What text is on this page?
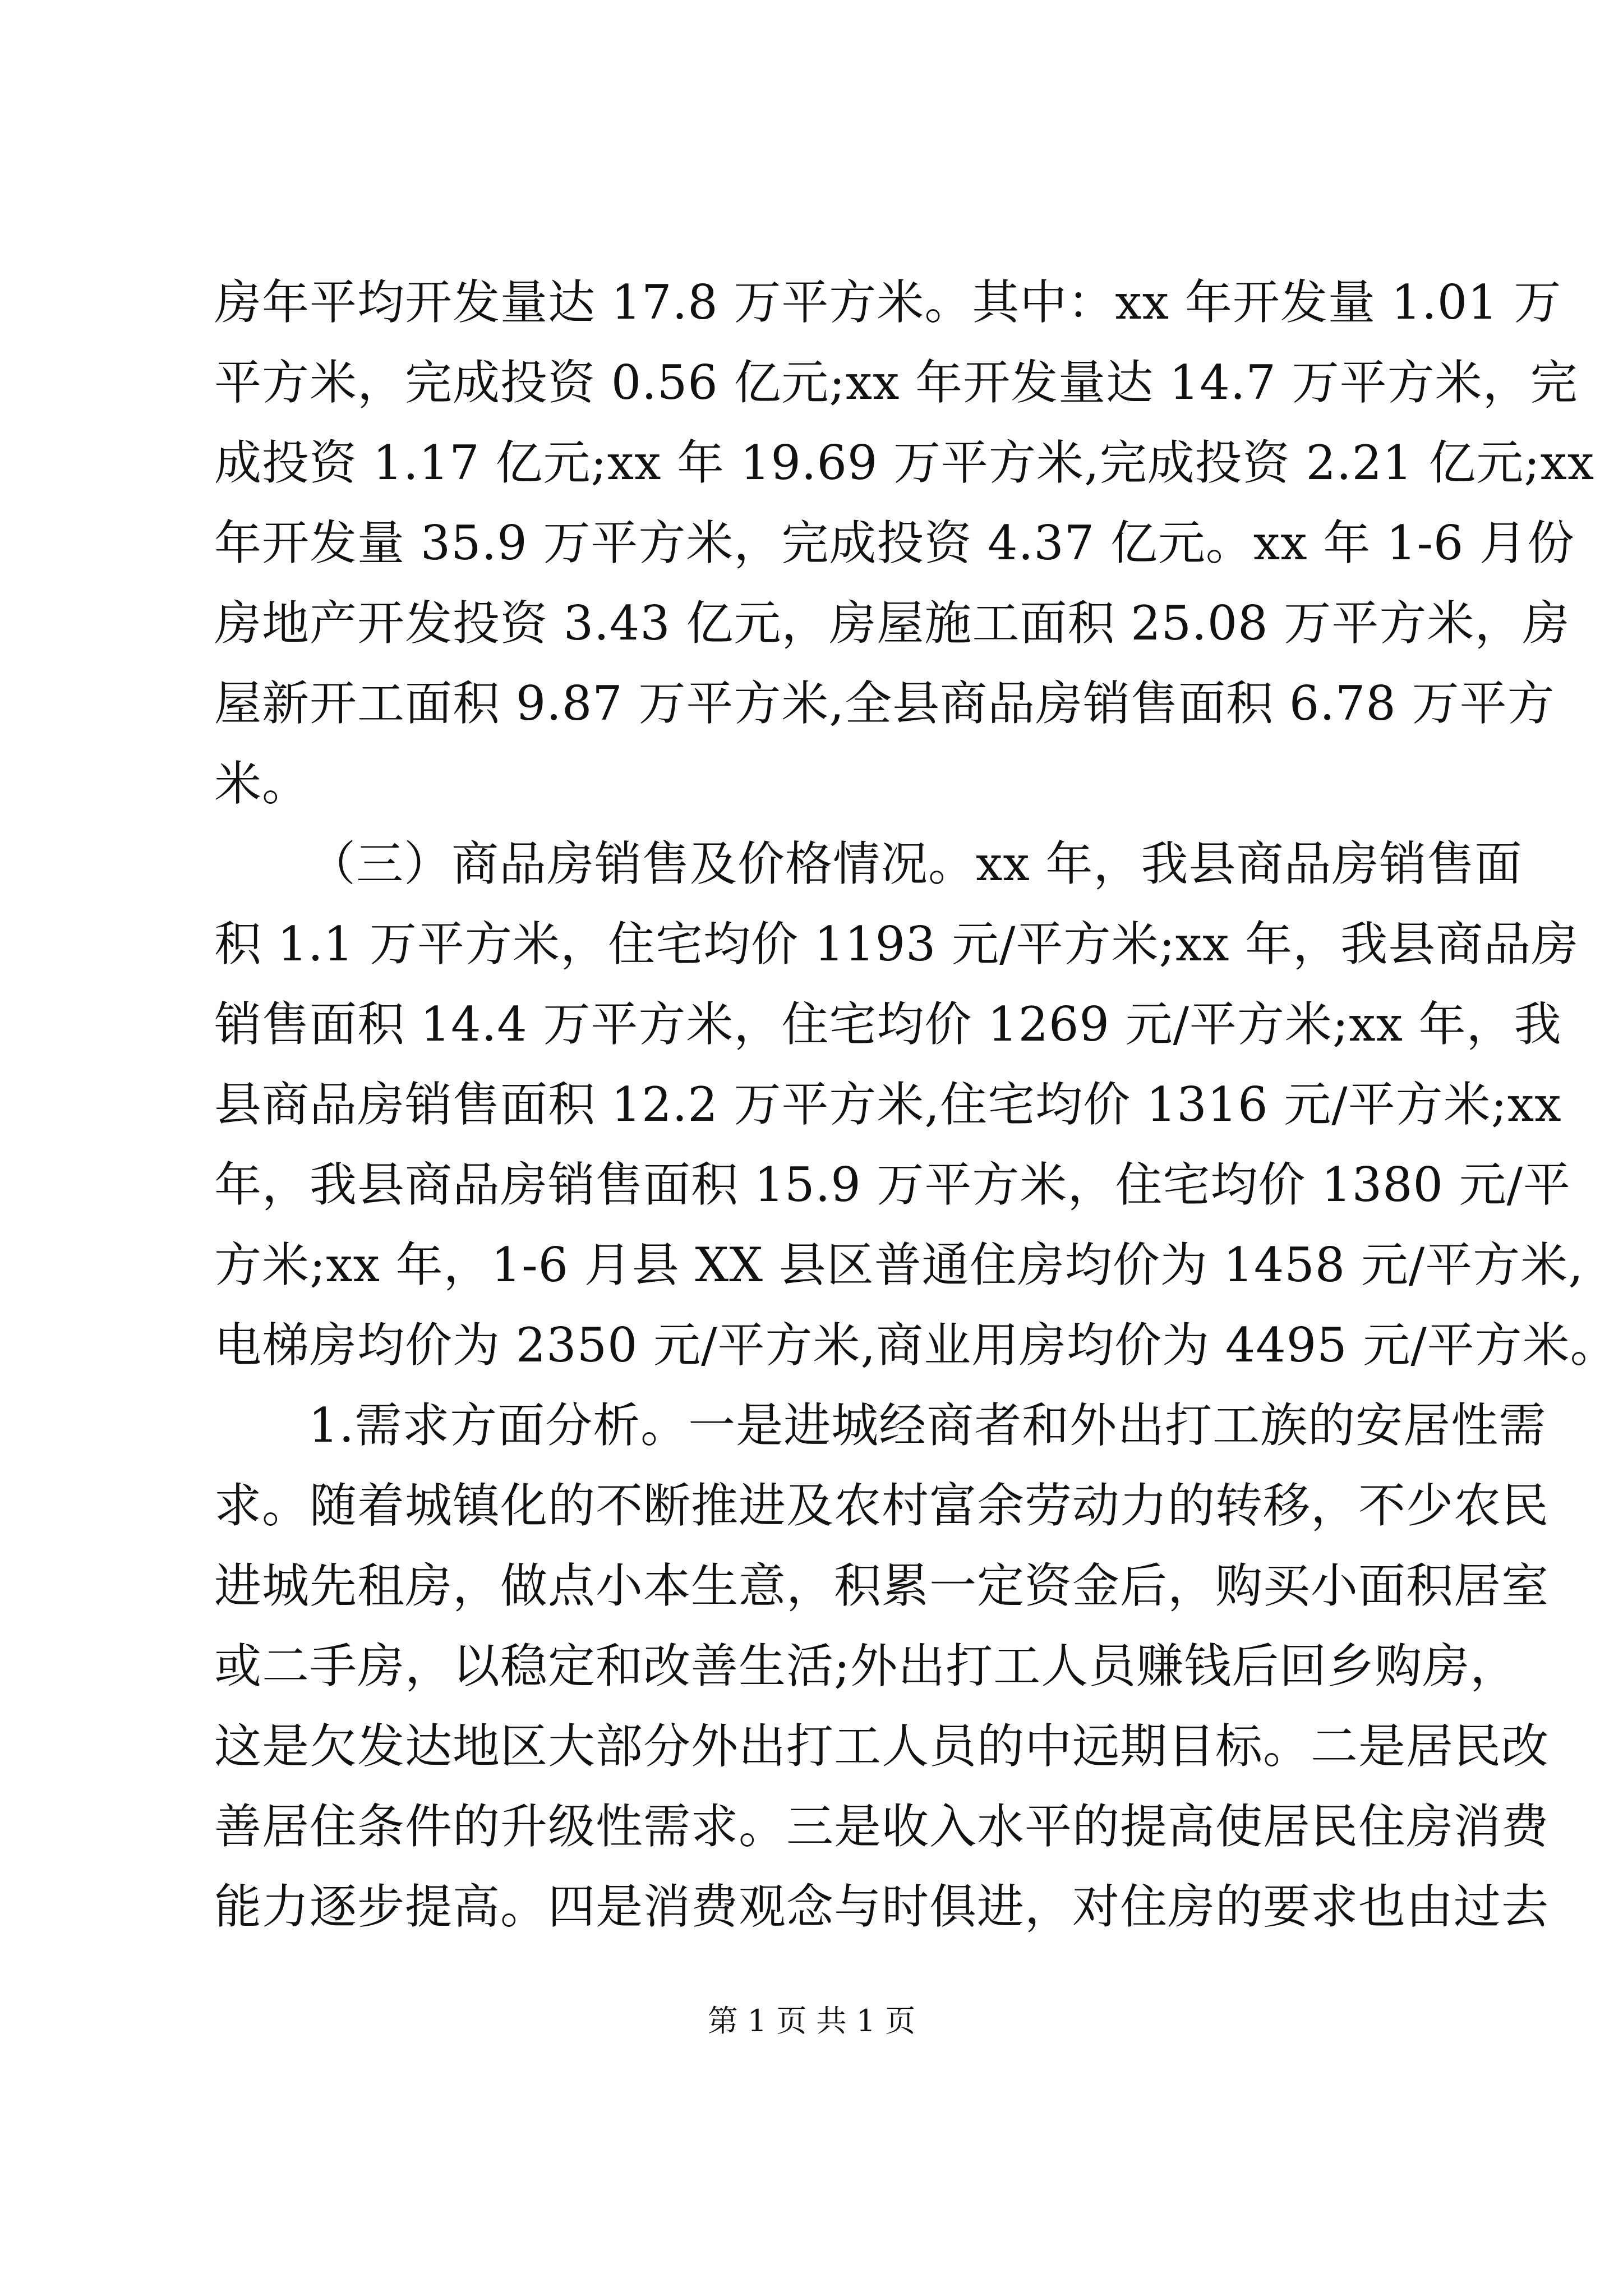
房年平均开发量达 17.8 万平方米。其中：xx 年开发量 1.01 万
平方米，完成投资 0.56 亿元;xx 年开发量达 14.7 万平方米，完
成投资 1.17 亿元;xx 年 19.69 万平方米,完成投资 2.21 亿元;xx
年开发量 35.9 万平方米，完成投资 4.37 亿元。xx 年 1-6 月份
房地产开发投资 3.43 亿元，房屋施工面积 25.08 万平方米，房
屋新开工面积 9.87 万平方米,全县商品房销售面积 6.78 万平方
米。
（三）商品房销售及价格情况。xx 年，我县商品房销售面
积 1.1 万平方米，住宅均价 1193 元/平方米;xx 年，我县商品房
销售面积 14.4 万平方米，住宅均价 1269 元/平方米;xx 年，我
县商品房销售面积 12.2 万平方米,住宅均价 1316 元/平方米;xx
年，我县商品房销售面积 15.9 万平方米，住宅均价 1380 元/平
方米;xx 年，1-6 月县 XX 县区普通住房均价为 1458 元/平方米,
电梯房均价为 2350 元/平方米,商业用房均价为 4495 元/平方米。
1.需求方面分析。一是进城经商者和外出打工族的安居性需
求。随着城镇化的不断推进及农村富余劳动力的转移，不少农民
进城先租房，做点小本生意，积累一定资金后，购买小面积居室
或二手房，以稳定和改善生活;外出打工人员赚钱后回乡购房，
这是欠发达地区大部分外出打工人员的中远期目标。二是居民改
善居住条件的升级性需求。三是收入水平的提高使居民住房消费
能力逐步提高。四是消费观念与时俱进，对住房的要求也由过去
第 1 页 共 1 页
